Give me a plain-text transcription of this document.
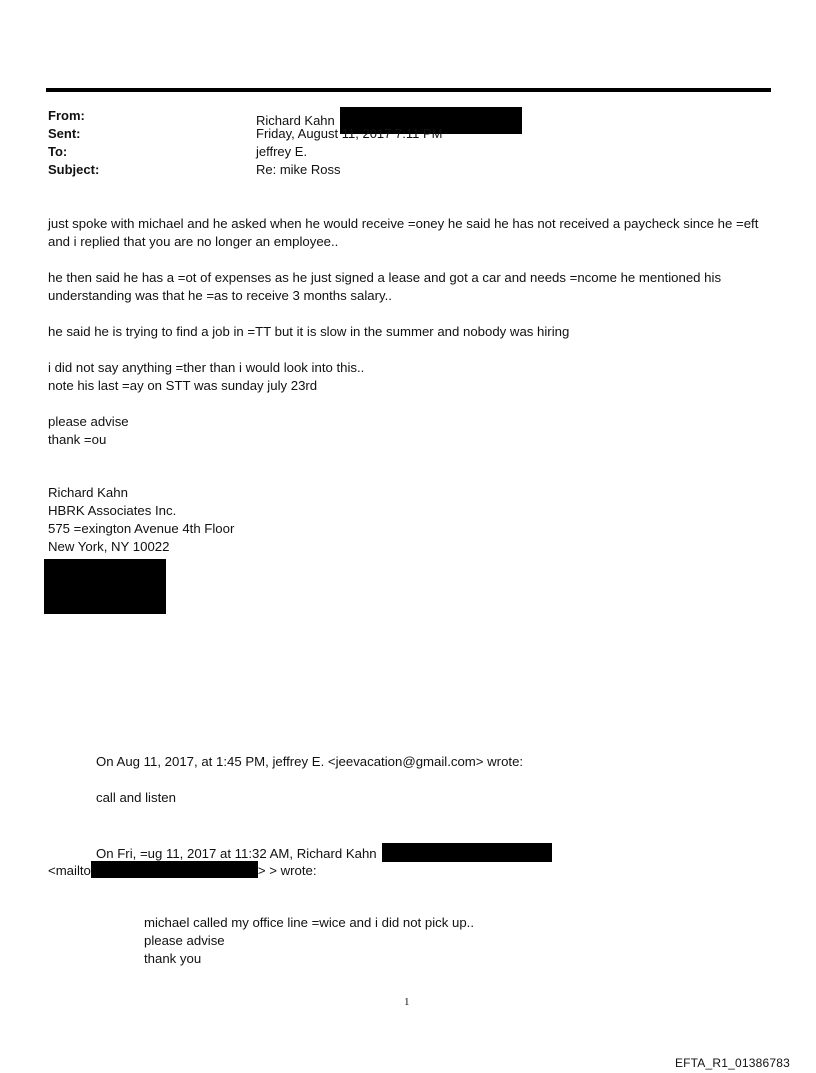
From:	Richard Kahn
Sent:	Friday, August 11, 2017 7:11 PM
To:	jeffrey E.
Subject:	Re: mike Ross
just spoke with michael and he asked when he would receive =oney he said he has not received a paycheck since he =eft
and i replied that you are no longer an employee..
he then said he has a =ot of expenses as he just signed a lease and got a car and needs =ncome he mentioned his
understanding was that he =as to receive 3 months salary..
he said he is trying to find a job in =TT but it is slow in the summer and nobody was hiring
i did not say anything =ther than i would look into this..
note his last =ay on STT was sunday july 23rd
please advise
thank =ou
Richard Kahn
HBRK Associates Inc.
575 =exington Avenue 4th Floor
New York, NY 10022
On Aug 11, 2017, at 1:45 PM, jeffrey E. <jeevacation@gmail.com> wrote:
call and listen
On Fri, =ug 11, 2017 at 11:32 AM, Richard Kahn
<mailto	> > wrote:
michael called my office line =wice and i did not pick up..
please advise
thank you
1
EFTA_R1_01386783
